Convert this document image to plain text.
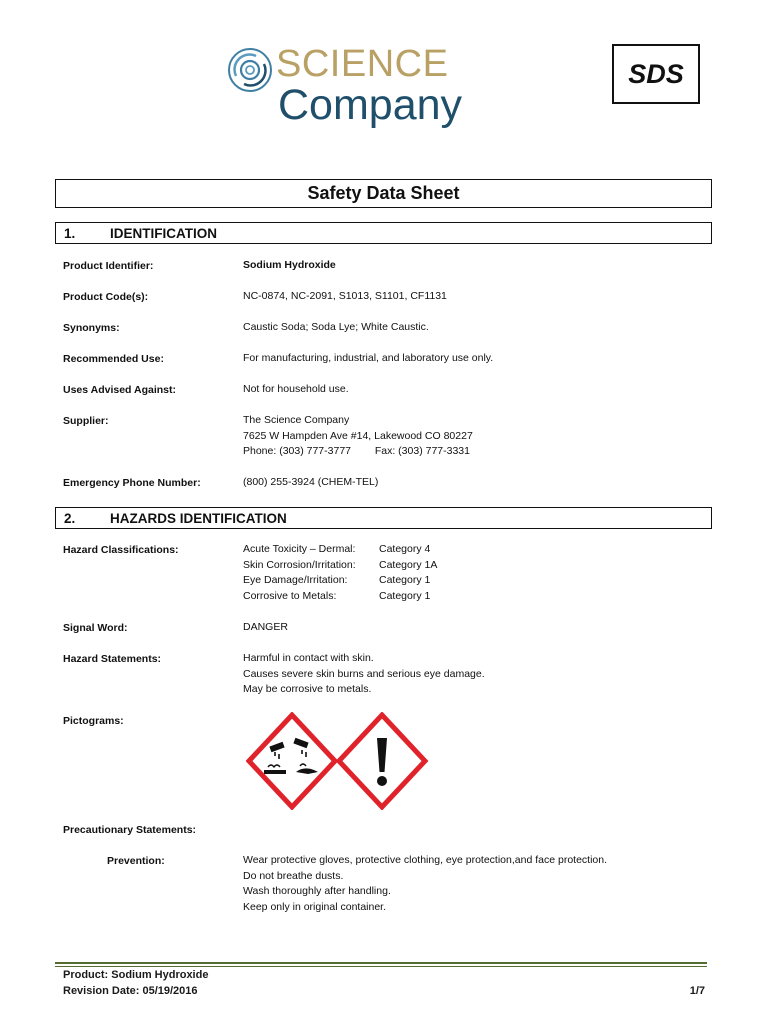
SCIENCE

Company

SDS
Safety Data Sheet
1.	IDENTIFICATION
Product Identifier:	Sodium Hydroxide
Product Code(s):	NC-0874, NC-2091, S1013, S1101, CF1131
Synonyms:	Caustic Soda; Soda Lye; White Caustic.
Recommended Use:	For manufacturing, industrial, and laboratory use only.
Uses Advised Against:	Not for household use.
Supplier:	The Science Company
7625 W Hampden Ave #14, Lakewood CO 80227
Phone: (303) 777-3777 Fax: (303) 777-3331
Emergency Phone Number:	(800) 255-3924 (CHEM-TEL)
2.	HAZARDS IDENTIFICATION
Hazard Classifications:	Acute Toxicity – Dermal:	Category 4
Skin Corrosion/Irritation:	Category 1A
Eye Damage/Irritation:	Category 1
Corrosive to Metals:	Category 1
Signal Word:	DANGER
Hazard Statements:	Harmful in contact with skin.
Causes severe skin burns and serious eye damage.
May be corrosive to metals.
Pictograms:
Precautionary Statements:
Prevention:	Wear protective gloves, protective clothing, eye protection,and face protection.
Do not breathe dusts.
Wash thoroughly after handling.
Keep only in original container.
Product: Sodium Hydroxide
Revision Date: 05/19/2016	1/7
